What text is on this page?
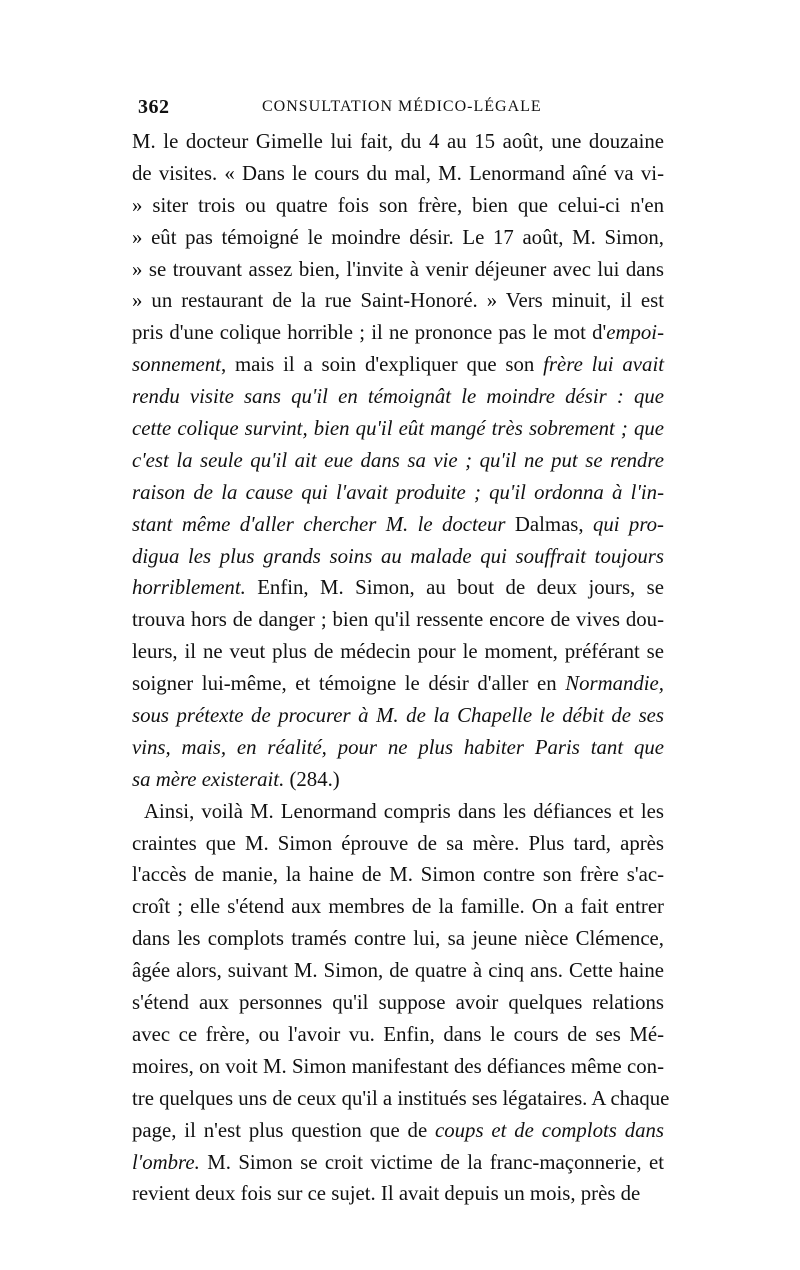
362	CONSULTATION MÉDICO-LÉGALE
M. le docteur Gimelle lui fait, du 4 au 15 août, une douzaine
de visites. « Dans le cours du mal, M. Lenormand aîné va vi-
» siter trois ou quatre fois son frère, bien que celui-ci n'en
» eût pas témoigné le moindre désir. Le 17 août, M. Simon,
» se trouvant assez bien, l'invite à venir déjeuner avec lui dans
» un restaurant de la rue Saint-Honoré. » Vers minuit, il est
pris d'une colique horrible ; il ne prononce pas le mot d'empoi-
sonnement, mais il a soin d'expliquer que son frère lui avait
rendu visite sans qu'il en témoignât le moindre désir : que
cette colique survint, bien qu'il eût mangé très sobrement ; que
c'est la seule qu'il ait eue dans sa vie ; qu'il ne put se rendre
raison de la cause qui l'avait produite ; qu'il ordonna à l'in-
stant même d'aller chercher M. le docteur Dalmas, qui pro-
digua les plus grands soins au malade qui souffrait toujours
horriblement. Enfin, M. Simon, au bout de deux jours, se
trouva hors de danger ; bien qu'il ressente encore de vives dou-
leurs, il ne veut plus de médecin pour le moment, préférant se
soigner lui-même, et témoigne le désir d'aller en Normandie,
sous prétexte de procurer à M. de la Chapelle le débit de ses
vins, mais, en réalité, pour ne plus habiter Paris tant que
sa mère existerait. (284.)
Ainsi, voilà M. Lenormand compris dans les défiances et les
craintes que M. Simon éprouve de sa mère. Plus tard, après
l'accès de manie, la haine de M. Simon contre son frère s'ac-
croît ; elle s'étend aux membres de la famille. On a fait entrer
dans les complots tramés contre lui, sa jeune nièce Clémence,
âgée alors, suivant M. Simon, de quatre à cinq ans. Cette haine
s'étend aux personnes qu'il suppose avoir quelques relations
avec ce frère, ou l'avoir vu. Enfin, dans le cours de ses Mé-
moires, on voit M. Simon manifestant des défiances même con-
tre quelques uns de ceux qu'il a institués ses légataires. A chaque
page, il n'est plus question que de coups et de complots dans
l'ombre. M. Simon se croit victime de la franc-maçonnerie, et
revient deux fois sur ce sujet. Il avait depuis un mois, près de
